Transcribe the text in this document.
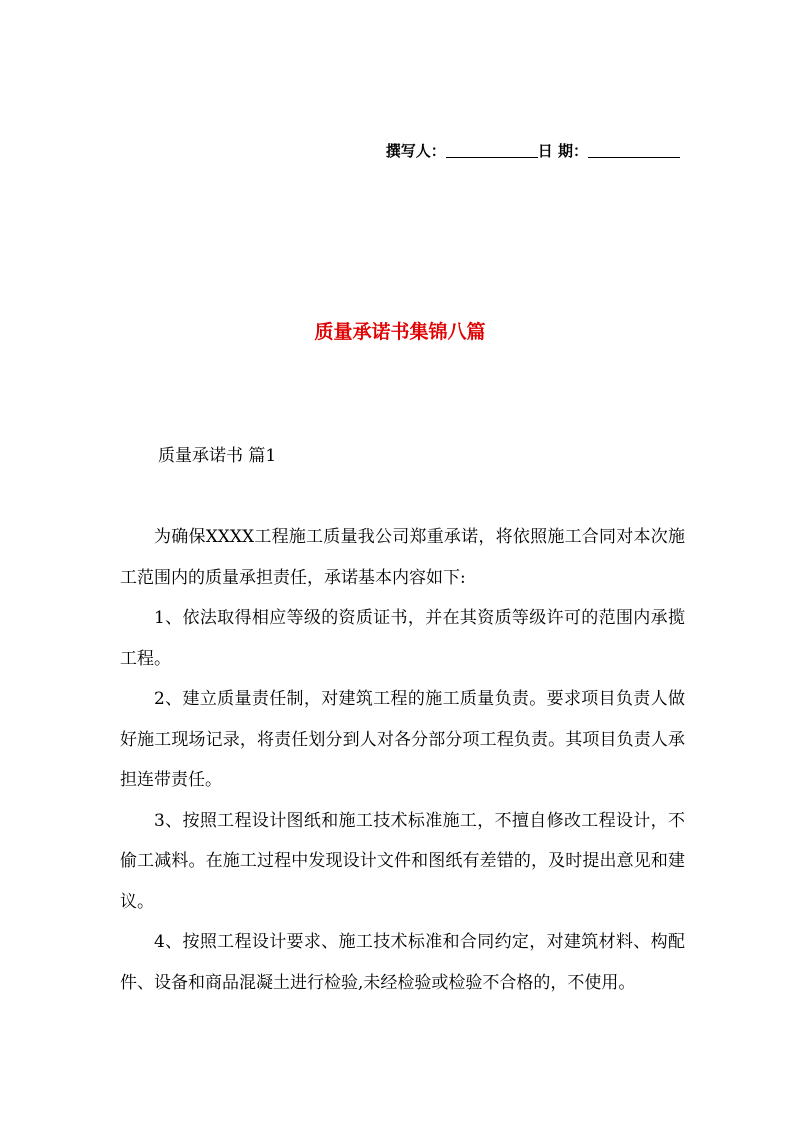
撰写人：	日 期：
质量承诺书集锦八篇
质量承诺书 篇1

为确保XXXX工程施工质量我公司郑重承诺，将依照施工合同对本次施工范围内的质量承担责任，承诺基本内容如下:

1、依法取得相应等级的资质证书，并在其资质等级许可的范围内承揽工程。

2、建立质量责任制，对建筑工程的施工质量负责。要求项目负责人做好施工现场记录，将责任划分到人对各分部分项工程负责。其项目负责人承担连带责任。

3、按照工程设计图纸和施工技术标准施工，不擅自修改工程设计，不偷工减料。在施工过程中发现设计文件和图纸有差错的，及时提出意见和建议。

4、按照工程设计要求、施工技术标准和合同约定，对建筑材料、构配件、设备和商品混凝土进行检验,未经检验或检验不合格的，不使用。
